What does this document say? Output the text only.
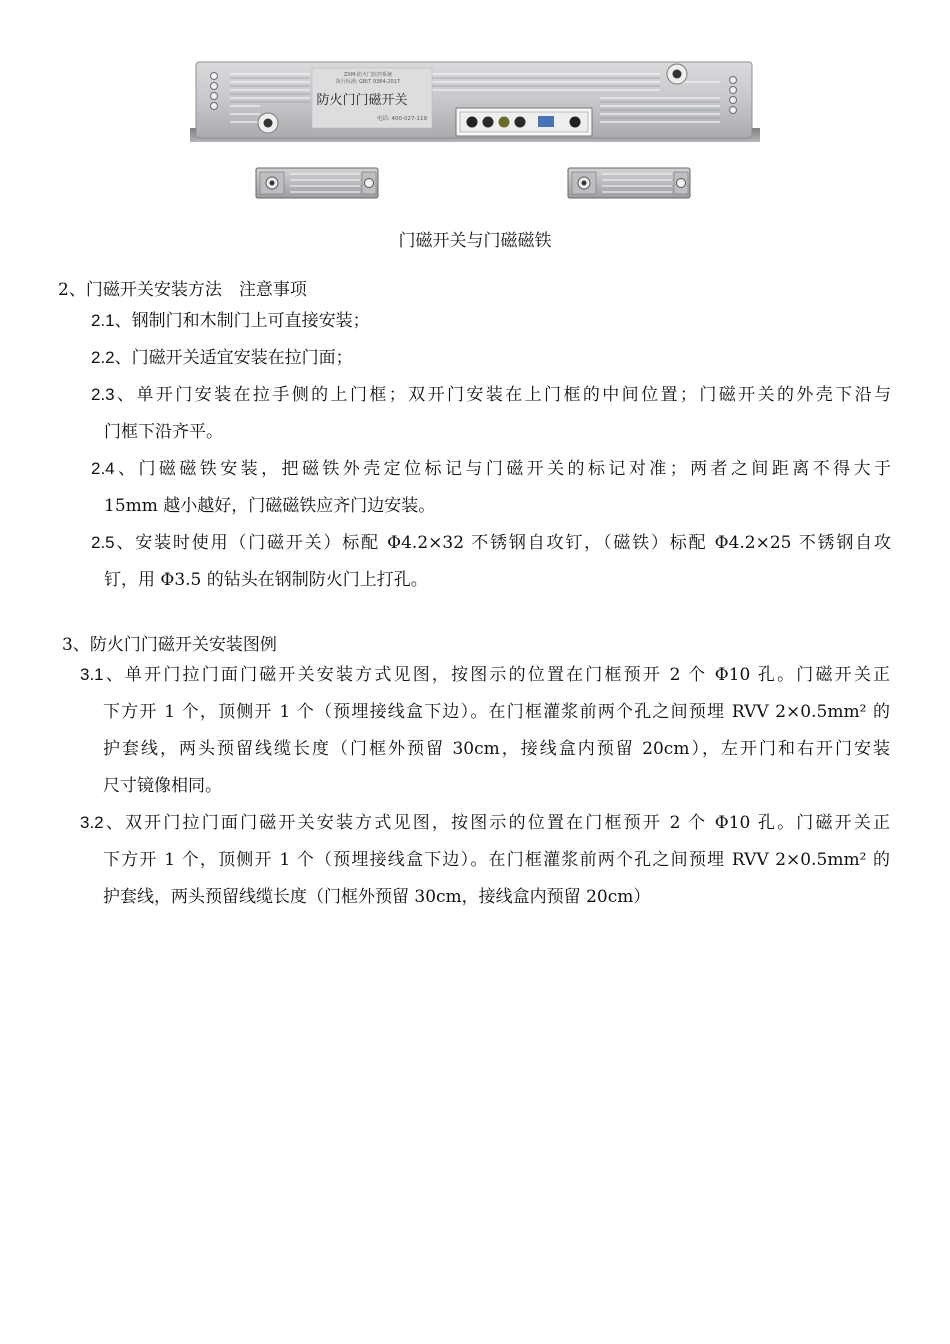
ZXM-防火门监控系统
执行标准: GB/T 9384-2017
防火门门磁开关
电话: 400-027-119
门磁开关与门磁磁铁
2、门磁开关安装方法　注意事项
2.1、钢制门和木制门上可直接安装；
2.2、门磁开关适宜安装在拉门面；
2.3、单开门安装在拉手侧的上门框；双开门安装在上门框的中间位置；门磁开关的外壳下沿与
门框下沿齐平。
2.4、门磁磁铁安装，把磁铁外壳定位标记与门磁开关的标记对准；两者之间距离不得大于
15mm 越小越好，门磁磁铁应齐门边安装。
2.5、安装时使用（门磁开关）标配 Φ4.2×32 不锈钢自攻钉，（磁铁）标配 Φ4.2×25 不锈钢自攻
钉，用 Φ3.5 的钻头在钢制防火门上打孔。
3、防火门门磁开关安装图例
3.1、单开门拉门面门磁开关安装方式见图，按图示的位置在门框预开 2 个 Φ10 孔。门磁开关正
下方开 1 个，顶侧开 1 个（预埋接线盒下边）。在门框灌浆前两个孔之间预埋 RVV 2×0.5mm² 的
护套线，两头预留线缆长度（门框外预留 30cm，接线盒内预留 20cm），左开门和右开门安装
尺寸镜像相同。
3.2、双开门拉门面门磁开关安装方式见图，按图示的位置在门框预开 2 个 Φ10 孔。门磁开关正
下方开 1 个，顶侧开 1 个（预埋接线盒下边）。在门框灌浆前两个孔之间预埋 RVV 2×0.5mm² 的
护套线，两头预留线缆长度（门框外预留 30cm，接线盒内预留 20cm）
